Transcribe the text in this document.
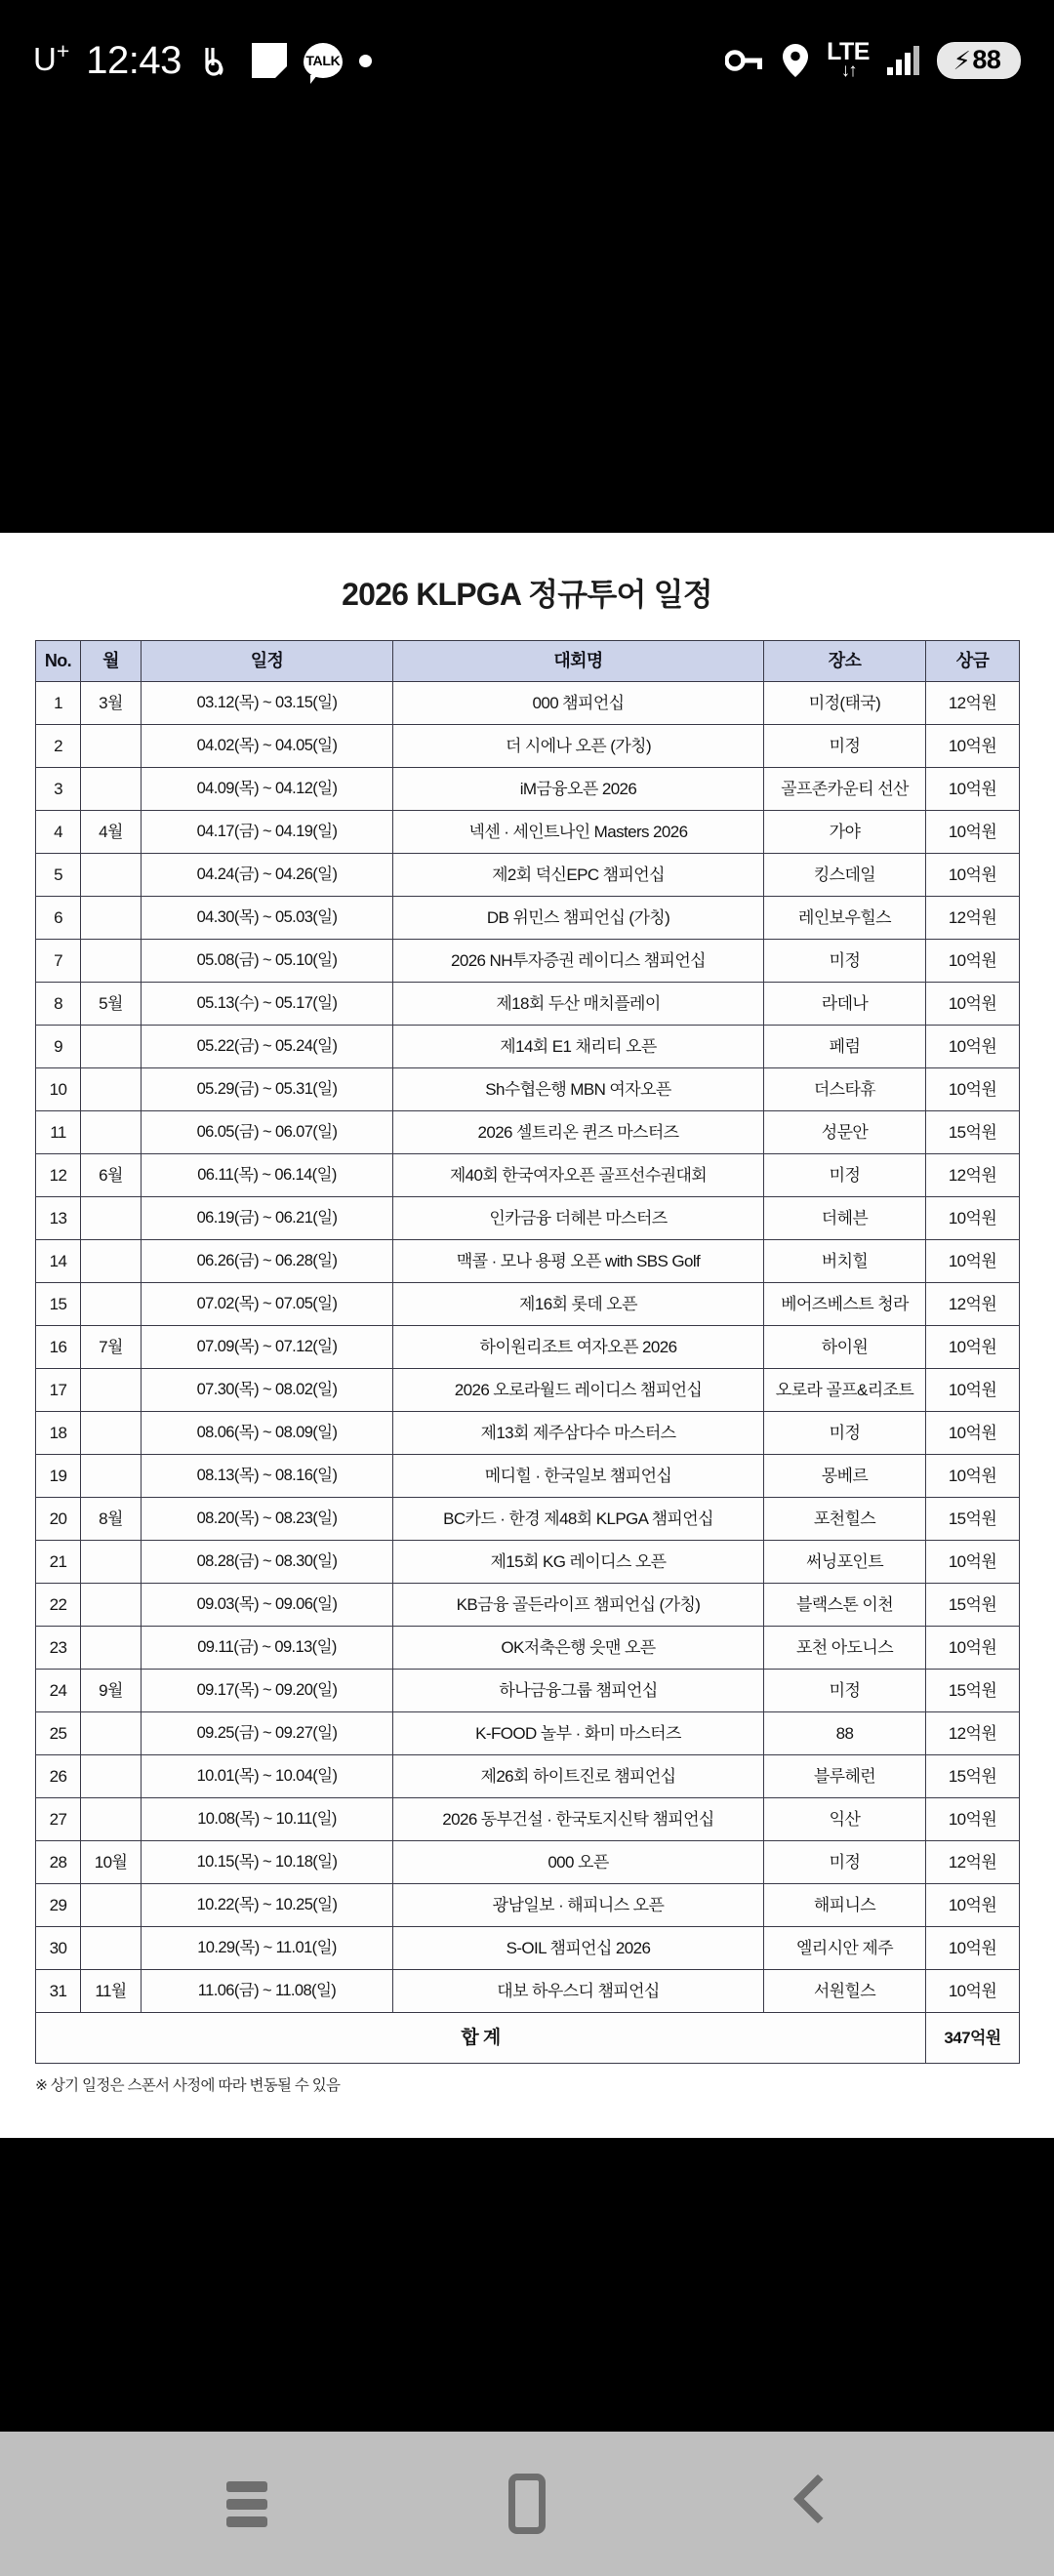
U+ 12:43	TALK	LTE
↓↑	⚡ 88
2026 KLPGA 정규투어 일정
No.	월	일정	대회명	장소	상금
1	3월	03.12(목) ~ 03.15(일)	000 챔피언십	미정(태국)	12억원
2		04.02(목) ~ 04.05(일)	더 시에나 오픈 (가칭)	미정	10억원
3		04.09(목) ~ 04.12(일)	iM금융오픈 2026	골프존카운티 선산	10억원
4	4월	04.17(금) ~ 04.19(일)	넥센 · 세인트나인 Masters 2026	가야	10억원
5		04.24(금) ~ 04.26(일)	제2회 덕신EPC 챔피언십	킹스데일	10억원
6		04.30(목) ~ 05.03(일)	DB 위민스 챔피언십 (가칭)	레인보우힐스	12억원
7		05.08(금) ~ 05.10(일)	2026 NH투자증권 레이디스 챔피언십	미정	10억원
8	5월	05.13(수) ~ 05.17(일)	제18회 두산 매치플레이	라데나	10억원
9		05.22(금) ~ 05.24(일)	제14회 E1 채리티 오픈	페럼	10억원
10		05.29(금) ~ 05.31(일)	Sh수협은행 MBN 여자오픈	더스타휴	10억원
11		06.05(금) ~ 06.07(일)	2026 셀트리온 퀸즈 마스터즈	성문안	15억원
12	6월	06.11(목) ~ 06.14(일)	제40회 한국여자오픈 골프선수권대회	미정	12억원
13		06.19(금) ~ 06.21(일)	인카금융 더헤븐 마스터즈	더헤븐	10억원
14		06.26(금) ~ 06.28(일)	맥콜 · 모나 용평 오픈 with SBS Golf	버치힐	10억원
15		07.02(목) ~ 07.05(일)	제16회 롯데 오픈	베어즈베스트 청라	12억원
16	7월	07.09(목) ~ 07.12(일)	하이원리조트 여자오픈 2026	하이원	10억원
17		07.30(목) ~ 08.02(일)	2026 오로라월드 레이디스 챔피언십	오로라 골프&리조트	10억원
18		08.06(목) ~ 08.09(일)	제13회 제주삼다수 마스터스	미정	10억원
19		08.13(목) ~ 08.16(일)	메디힐 · 한국일보 챔피언십	몽베르	10억원
20	8월	08.20(목) ~ 08.23(일)	BC카드 · 한경 제48회 KLPGA 챔피언십	포천힐스	15억원
21		08.28(금) ~ 08.30(일)	제15회 KG 레이디스 오픈	써닝포인트	10억원
22		09.03(목) ~ 09.06(일)	KB금융 골든라이프 챔피언십 (가칭)	블랙스톤 이천	15억원
23		09.11(금) ~ 09.13(일)	OK저축은행 읏맨 오픈	포천 아도니스	10억원
24	9월	09.17(목) ~ 09.20(일)	하나금융그룹 챔피언십	미정	15억원
25		09.25(금) ~ 09.27(일)	K-FOOD 놀부 · 화미 마스터즈	88	12억원
26		10.01(목) ~ 10.04(일)	제26회 하이트진로 챔피언십	블루헤런	15억원
27		10.08(목) ~ 10.11(일)	2026 동부건설 · 한국토지신탁 챔피언십	익산	10억원
28	10월	10.15(목) ~ 10.18(일)	000 오픈	미정	12억원
29		10.22(목) ~ 10.25(일)	광남일보 · 해피니스 오픈	해피니스	10억원
30		10.29(목) ~ 11.01(일)	S-OIL 챔피언십 2026	엘리시안 제주	10억원
31	11월	11.06(금) ~ 11.08(일)	대보 하우스디 챔피언십	서원힐스	10억원
합 계					347억원
※ 상기 일정은 스폰서 사정에 따라 변동될 수 있음
